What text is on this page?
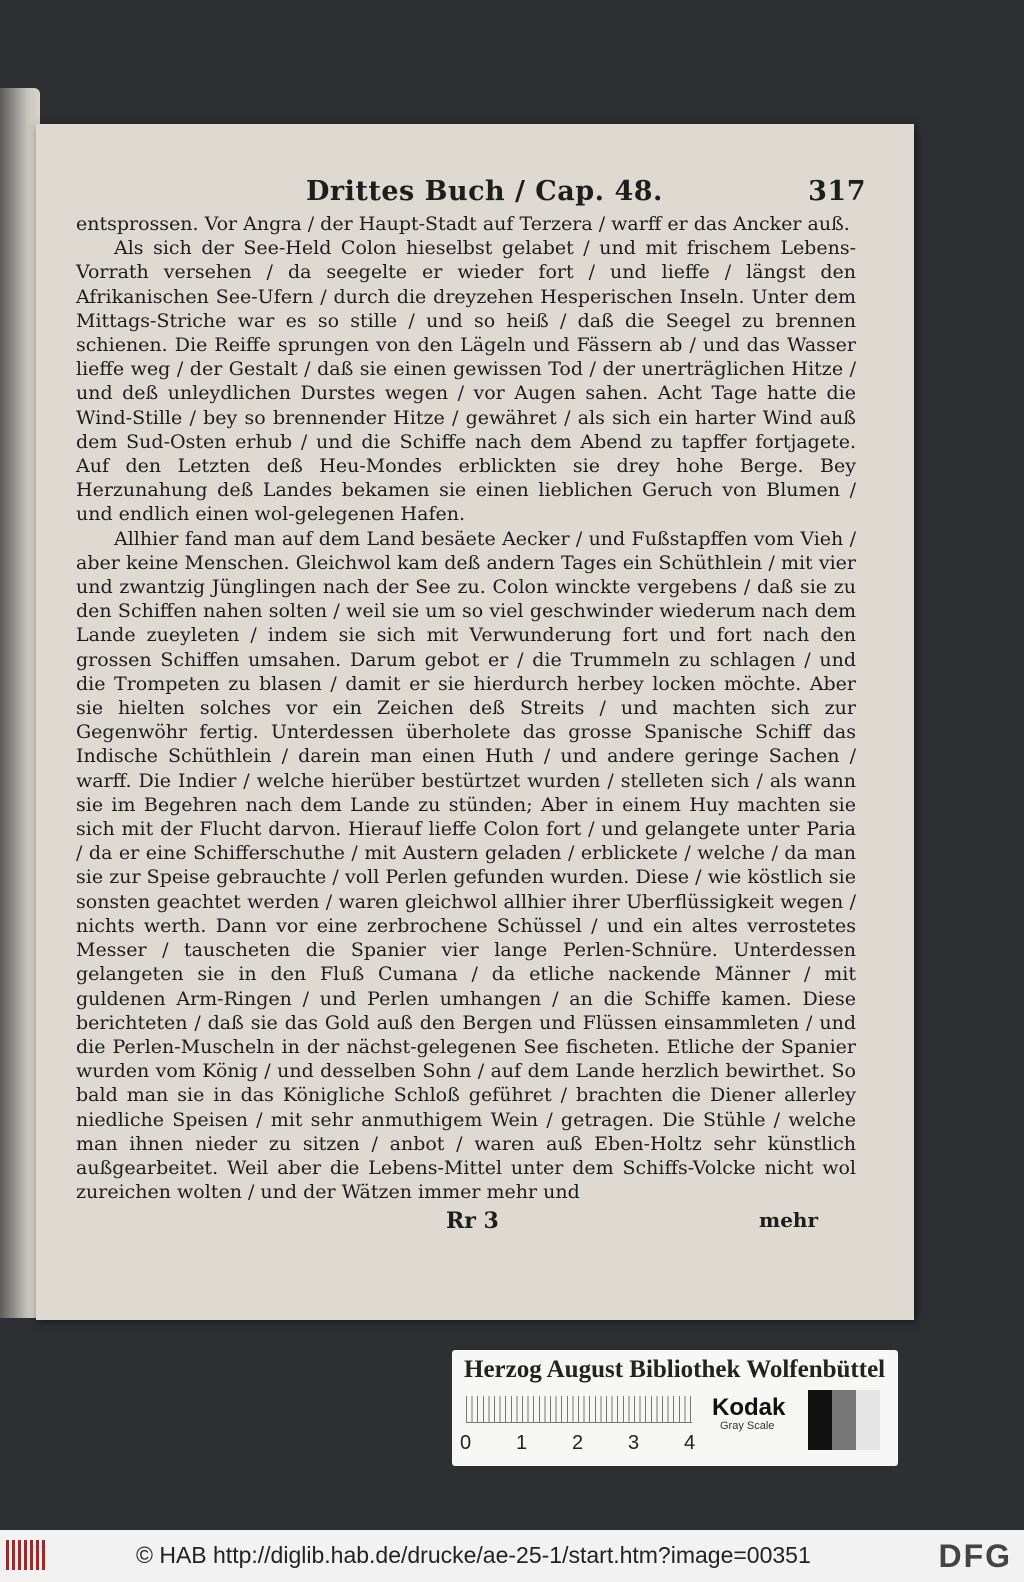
Drittes Buch / Cap. 48.	317

entsprossen. Vor Angra / der Haupt-Stadt auf Terzera / warff er das Ancker auß.

Als sich der See-Held Colon hieselbst gelabet / und mit frischem Lebens-Vorrath versehen / da seegelte er wieder fort / und lieffe / längst den Afrikanischen See-Ufern / durch die dreyzehen Hesperischen Inseln. Unter dem Mittags-Striche war es so stille / und so heiß / daß die Seegel zu brennen schienen. Die Reiffe sprungen von den Lägeln und Fässern ab / und das Wasser lieffe weg / der Gestalt / daß sie einen gewissen Tod / der unerträglichen Hitze / und deß unleydlichen Durstes wegen / vor Augen sahen. Acht Tage hatte die Wind-Stille / bey so brennender Hitze / gewähret / als sich ein harter Wind auß dem Sud-Osten erhub / und die Schiffe nach dem Abend zu tapffer fortjagete. Auf den Letzten deß Heu-Mondes erblickten sie drey hohe Berge. Bey Herzunahung deß Landes bekamen sie einen lieblichen Geruch von Blumen / und endlich einen wol-gelegenen Hafen.

Allhier fand man auf dem Land besäete Aecker / und Fußstapffen vom Vieh / aber keine Menschen. Gleichwol kam deß andern Tages ein Schüthlein / mit vier und zwantzig Jünglingen nach der See zu. Colon winckte vergebens / daß sie zu den Schiffen nahen solten / weil sie um so viel geschwinder wiederum nach dem Lande zueyleten / indem sie sich mit Verwunderung fort und fort nach den grossen Schiffen umsahen. Darum gebot er / die Trummeln zu schlagen / und die Trompeten zu blasen / damit er sie hierdurch herbey locken möchte. Aber sie hielten solches vor ein Zeichen deß Streits / und machten sich zur Gegenwöhr fertig. Unterdessen überholete das grosse Spanische Schiff das Indische Schüthlein / darein man einen Huth / und andere geringe Sachen / warff. Die Indier / welche hierüber bestürtzet wurden / stelleten sich / als wann sie im Begehren nach dem Lande zu stünden; Aber in einem Huy machten sie sich mit der Flucht darvon. Hierauf lieffe Colon fort / und gelangete unter Paria / da er eine Schifferschuthe / mit Austern geladen / erblickete / welche / da man sie zur Speise gebrauchte / voll Perlen gefunden wurden. Diese / wie köstlich sie sonsten geachtet werden / waren gleichwol allhier ihrer Uberflüssigkeit wegen / nichts werth. Dann vor eine zerbrochene Schüssel / und ein altes verrostetes Messer / tauscheten die Spanier vier lange Perlen-Schnüre. Unterdessen gelangeten sie in den Fluß Cumana / da etliche nackende Männer / mit guldenen Arm-Ringen / und Perlen umhangen / an die Schiffe kamen. Diese berichteten / daß sie das Gold auß den Bergen und Flüssen einsammleten / und die Perlen-Muscheln in der nächst-gelegenen See fischeten. Etliche der Spanier wurden vom König / und desselben Sohn / auf dem Lande herzlich bewirthet. So bald man sie in das Königliche Schloß geführet / brachten die Diener allerley niedliche Speisen / mit sehr anmuthigem Wein / getragen. Die Stühle / welche man ihnen nieder zu sitzen / anbot / waren auß Eben-Holtz sehr künstlich außgearbeitet. Weil aber die Lebens-Mittel unter dem Schiffs-Volcke nicht wol zureichen wolten / und der Wätzen immer mehr und

Rr 3	mehr
Herzog August Bibliothek Wolfenbüttel
0 1 2 3 4
Kodak
Gray Scale
© HAB http://diglib.hab.de/drucke/ae-25-1/start.htm?image=00351	DFG
